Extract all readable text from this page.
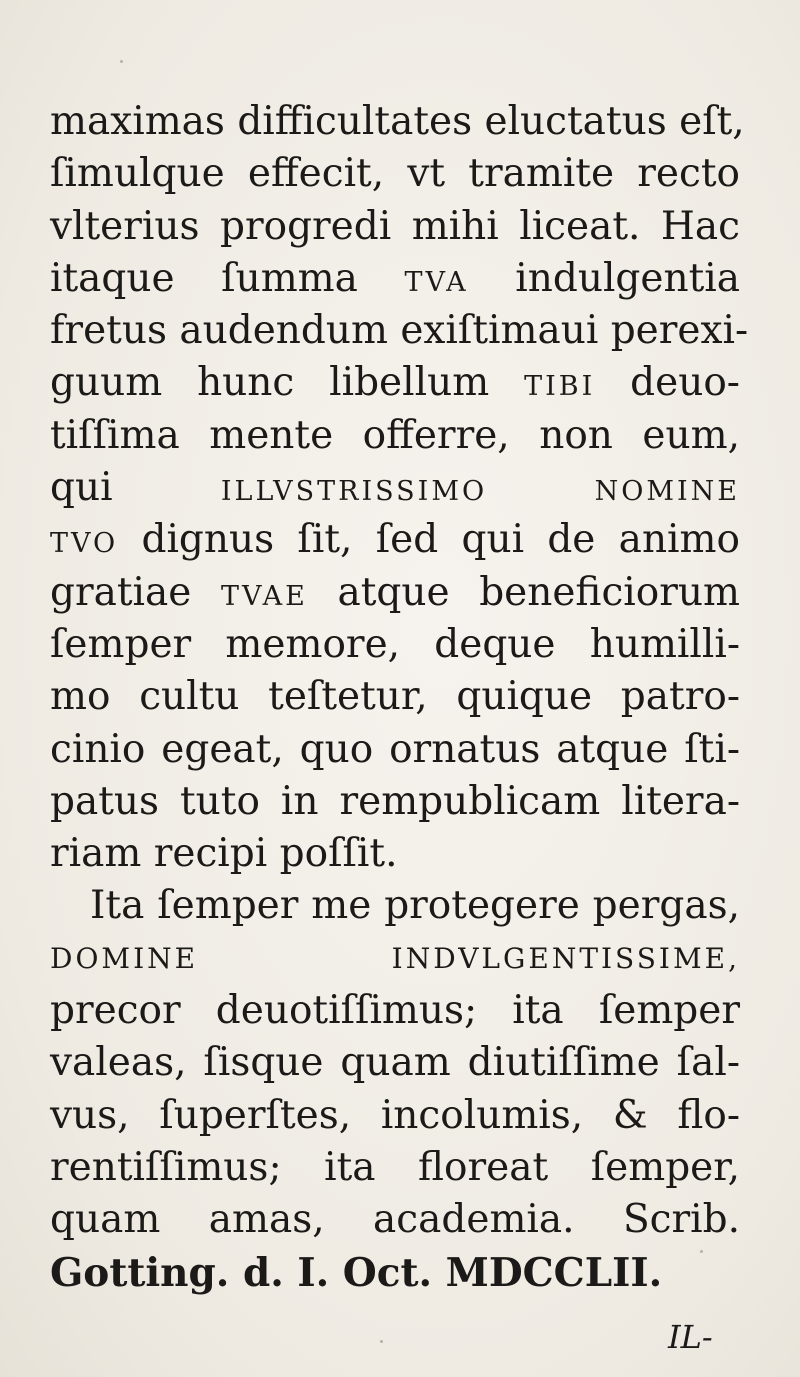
maximas difficultates eluctatus eſt,
ſimulque effecit, vt tramite recto
vlterius progredi mihi liceat. Hac
itaque ſumma TVA indulgentia
fretus audendum exiſtimaui perexi-
guum hunc libellum TIBI deuo-
tiſſima mente offerre, non eum,
qui	ILLVSTRISSIMO NOMINE
TVO dignus ſit, ſed qui de animo
gratiae TVAE atque beneficiorum
ſemper memore, deque humilli-
mo cultu teſtetur, quique patro-
cinio egeat, quo ornatus atque ſti-
patus tuto in rempublicam litera-
riam recipi poſſit.
Ita ſemper me protegere pergas,
DOMINE INDVLGENTISSIME,
precor deuotiſſimus; ita ſemper
valeas, ſisque quam diutiſſime ſal-
vus, ſuperſtes, incolumis, & flo-
rentiſſimus; ita floreat ſemper,
quam amas, academia. Scrib.
Gotting. d. I. Oct. MDCCLII.
IL-
